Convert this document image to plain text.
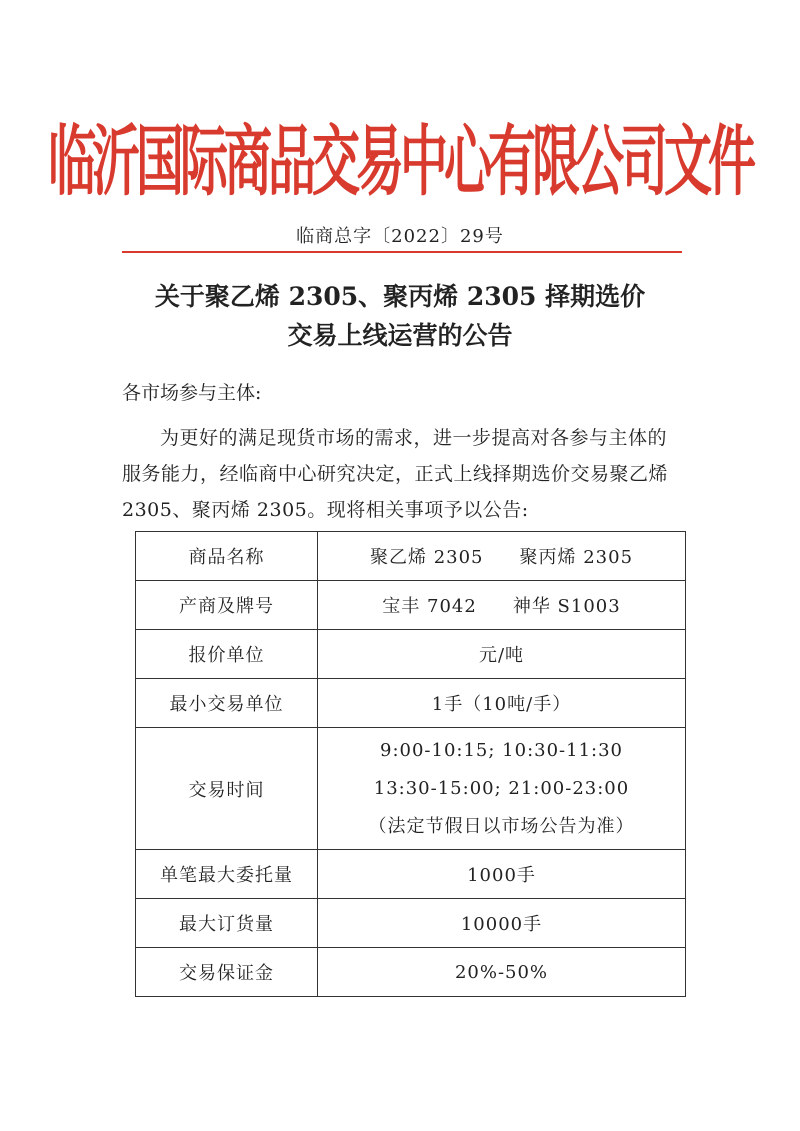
临沂国际商品交易中心有限公司文件
临商总字〔2022〕29号
关于聚乙烯 2305、聚丙烯 2305 择期选价
交易上线运营的公告
各市场参与主体:
为更好的满足现货市场的需求，进一步提高对各参与主体的服务能力，经临商中心研究决定，正式上线择期选价交易聚乙烯 2305、聚丙烯 2305。现将相关事项予以公告:
商品名称	聚乙烯 2305 聚丙烯 2305
产商及牌号	宝丰 7042 神华 S1003
报价单位	元/吨
最小交易单位	1手（10吨/手）
交易时间	9:00-10:15; 10:30-11:30
13:30-15:00; 21:00-23:00
（法定节假日以市场公告为准）

单笔最大委托量	1000手
最大订货量	10000手
交易保证金	20%-50%
